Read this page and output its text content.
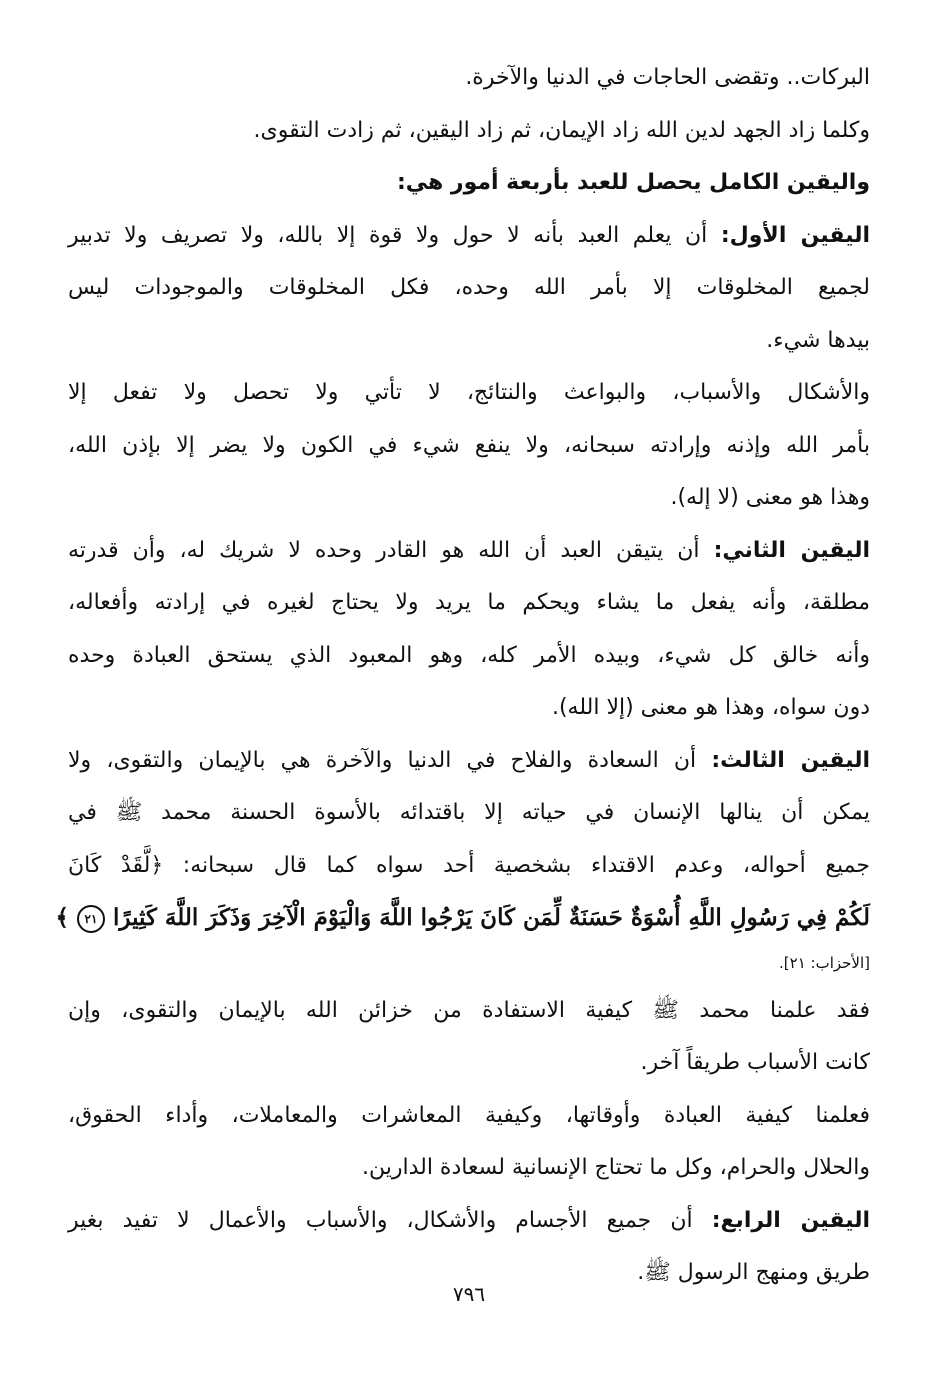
البركات.. وتقضى الحاجات في الدنيا والآخرة.
وكلما زاد الجهد لدين الله زاد الإيمان، ثم زاد اليقين، ثم زادت التقوى.
واليقين الكامل يحصل للعبد بأربعة أمور هي:
اليقين الأول: أن يعلم العبد بأنه لا حول ولا قوة إلا بالله، ولا تصريف ولا تدبير
لجميع المخلوقات إلا بأمر الله وحده، فكل المخلوقات والموجودات ليس
بيدها شيء.
والأشكال والأسباب، والبواعث والنتائج، لا تأتي ولا تحصل ولا تفعل إلا
بأمر الله وإذنه وإرادته سبحانه، ولا ينفع شيء في الكون ولا يضر إلا بإذن الله،
وهذا هو معنى (لا إله).
اليقين الثاني: أن يتيقن العبد أن الله هو القادر وحده لا شريك له، وأن قدرته
مطلقة، وأنه يفعل ما يشاء ويحكم ما يريد ولا يحتاج لغيره في إرادته وأفعاله،
وأنه خالق كل شيء، وبيده الأمر كله، وهو المعبود الذي يستحق العبادة وحده
دون سواه، وهذا هو معنى (إلا الله).
اليقين الثالث: أن السعادة والفلاح في الدنيا والآخرة هي بالإيمان والتقوى، ولا
يمكن أن ينالها الإنسان في حياته إلا باقتدائه بالأسوة الحسنة محمد ﷺ في
جميع أحواله، وعدم الاقتداء بشخصية أحد سواه كما قال سبحانه: ﴿لَّقَدْ كَانَ
لَكُمْ فِي رَسُولِ اللَّهِ أُسْوَةٌ حَسَنَةٌ لِّمَن كَانَ يَرْجُوا اللَّهَ وَالْيَوْمَ الْآخِرَ وَذَكَرَ اللَّهَ كَثِيرًا ٢١ ﴾
[الأحزاب: ٢١].
فقد علمنا محمد ﷺ كيفية الاستفادة من خزائن الله بالإيمان والتقوى، وإن
كانت الأسباب طريقاً آخر.
فعلمنا كيفية العبادة وأوقاتها، وكيفية المعاشرات والمعاملات، وأداء الحقوق،
والحلال والحرام، وكل ما تحتاج الإنسانية لسعادة الدارين.
اليقين الرابع: أن جميع الأجسام والأشكال، والأسباب والأعمال لا تفيد بغير
طريق ومنهج الرسول ﷺ.
٧٩٦
